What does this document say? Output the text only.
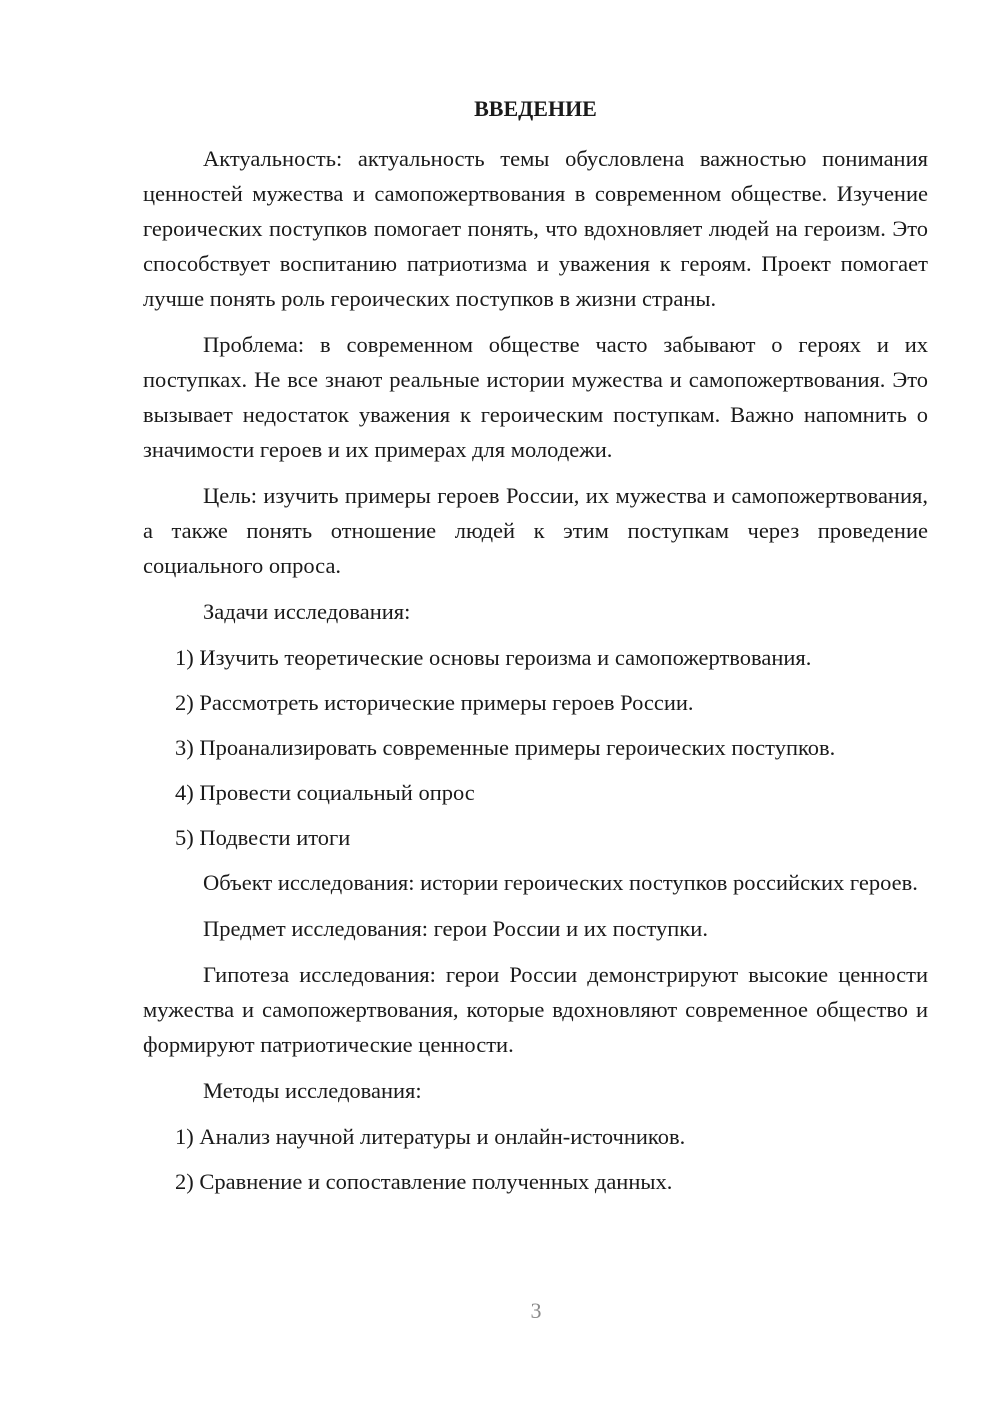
ВВЕДЕНИЕ

Актуальность: актуальность темы обусловлена важностью понимания ценностей мужества и самопожертвования в современном обществе. Изучение героических поступков помогает понять, что вдохновляет людей на героизм. Это способствует воспитанию патриотизма и уважения к героям. Проект помогает лучше понять роль героических поступков в жизни страны.

Проблема: в современном обществе часто забывают о героях и их поступках. Не все знают реальные истории мужества и самопожертвования. Это вызывает недостаток уважения к героическим поступкам. Важно напомнить о значимости героев и их примерах для молодежи.

Цель: изучить примеры героев России, их мужества и самопожертвования, а также понять отношение людей к этим поступкам через проведение социального опроса.

Задачи исследования:

1) Изучить теоретические основы героизма и самопожертвования.

2) Рассмотреть исторические примеры героев России.

3) Проанализировать современные примеры героических поступков.

4) Провести социальный опрос

5) Подвести итоги

Объект исследования: истории героических поступков российских героев.

Предмет исследования: герои России и их поступки.

Гипотеза исследования: герои России демонстрируют высокие ценности мужества и самопожертвования, которые вдохновляют современное общество и формируют патриотические ценности.

Методы исследования:

1) Анализ научной литературы и онлайн-источников.

2) Сравнение и сопоставление полученных данных.

3
